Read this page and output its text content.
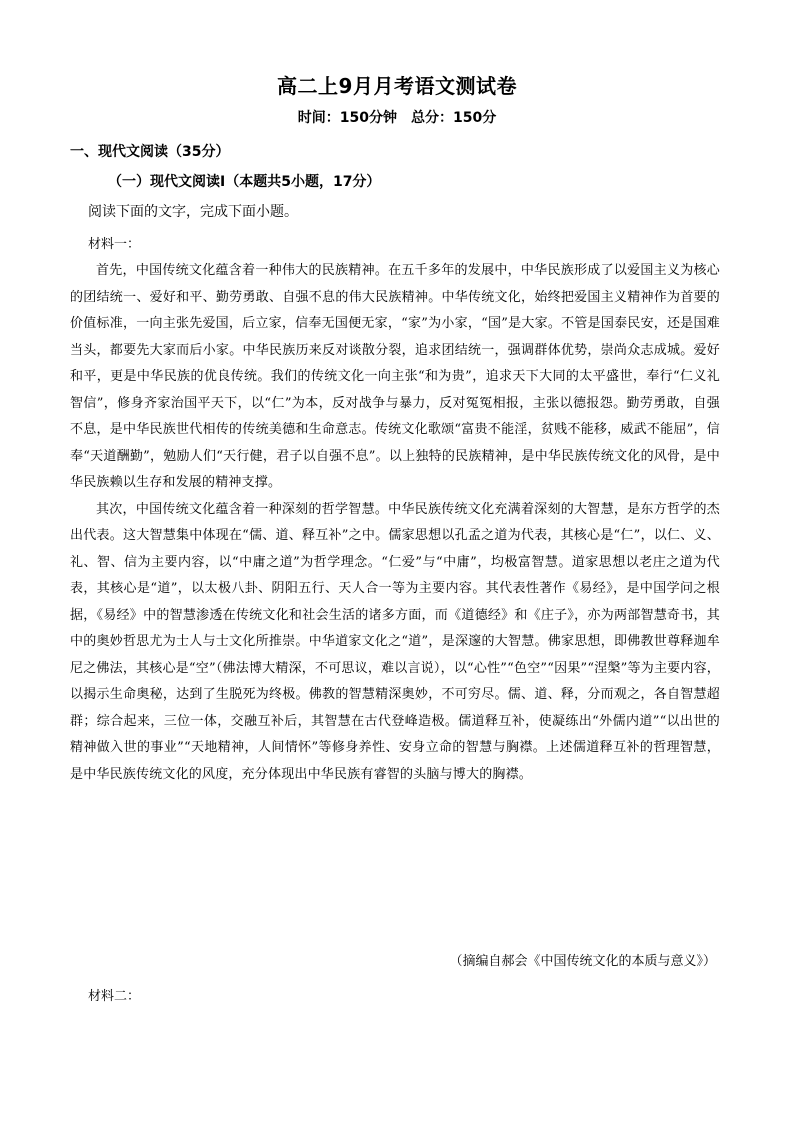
高二上9月月考语文测试卷
时间：150分钟 总分：150分
一、现代文阅读（35分）
（一）现代文阅读Ⅰ（本题共5小题，17分）
阅读下面的文字，完成下面小题。
材料一：

首先，中国传统文化蕴含着一种伟大的民族精神。在五千多年的发展中，中华民族形成了以爱国主义为核心的团结统一、爱好和平、勤劳勇敢、自强不息的伟大民族精神。中华传统文化，始终把爱国主义精神作为首要的价值标准，一向主张先爱国，后立家，信奉无国便无家，“家”为小家，“国”是大家。不管是国泰民安，还是国难当头，都要先大家而后小家。中华民族历来反对谈散分裂，追求团结统一，强调群体优势，崇尚众志成城。爱好和平，更是中华民族的优良传统。我们的传统文化一向主张“和为贵”，追求天下大同的太平盛世，奉行“仁义礼智信”，修身齐家治国平天下，以“仁”为本，反对战争与暴力，反对冤冤相报，主张以德报怨。勤劳勇敢，自强不息，是中华民族世代相传的传统美德和生命意志。传统文化歌颂“富贵不能淫，贫贱不能移，威武不能屈”，信奉“天道酬勤”，勉励人们“天行健，君子以自强不息”。以上独特的民族精神，是中华民族传统文化的风骨，是中华民族赖以生存和发展的精神支撑。

其次，中国传统文化蕴含着一种深刻的哲学智慧。中华民族传统文化充满着深刻的大智慧，是东方哲学的杰出代表。这大智慧集中体现在“儒、道、释互补”之中。儒家思想以孔孟之道为代表，其核心是“仁”，以仁、义、礼、智、信为主要内容，以“中庸之道”为哲学理念。“仁爱”与“中庸”，均极富智慧。道家思想以老庄之道为代表，其核心是“道”，以太极八卦、阴阳五行、天人合一等为主要内容。其代表性著作《易经》，是中国学问之根据，《易经》中的智慧渗透在传统文化和社会生活的诸多方面，而《道德经》和《庄子》，亦为两部智慧奇书，其中的奥妙哲思尤为士人与士文化所推崇。中华道家文化之“道”，是深邃的大智慧。佛家思想，即佛教世尊释迦牟尼之佛法，其核心是“空”（佛法博大精深，不可思议，难以言说），以“心性”“色空”“因果”“涅槃”等为主要内容，以揭示生命奥秘，达到了生脱死为终极。佛教的智慧精深奥妙，不可穷尽。儒、道、释，分而观之，各自智慧超群；综合起来，三位一体，交融互补后，其智慧在古代登峰造极。儒道释互补，使凝练出“外儒内道”“以出世的精神做入世的事业”“天地精神，人间情怀”等修身养性、安身立命的智慧与胸襟。上述儒道释互补的哲理智慧，是中华民族传统文化的风度，充分体现出中华民族有睿智的头脑与博大的胸襟。

（摘编自郝会《中国传统文化的本质与意义》）
材料二：
